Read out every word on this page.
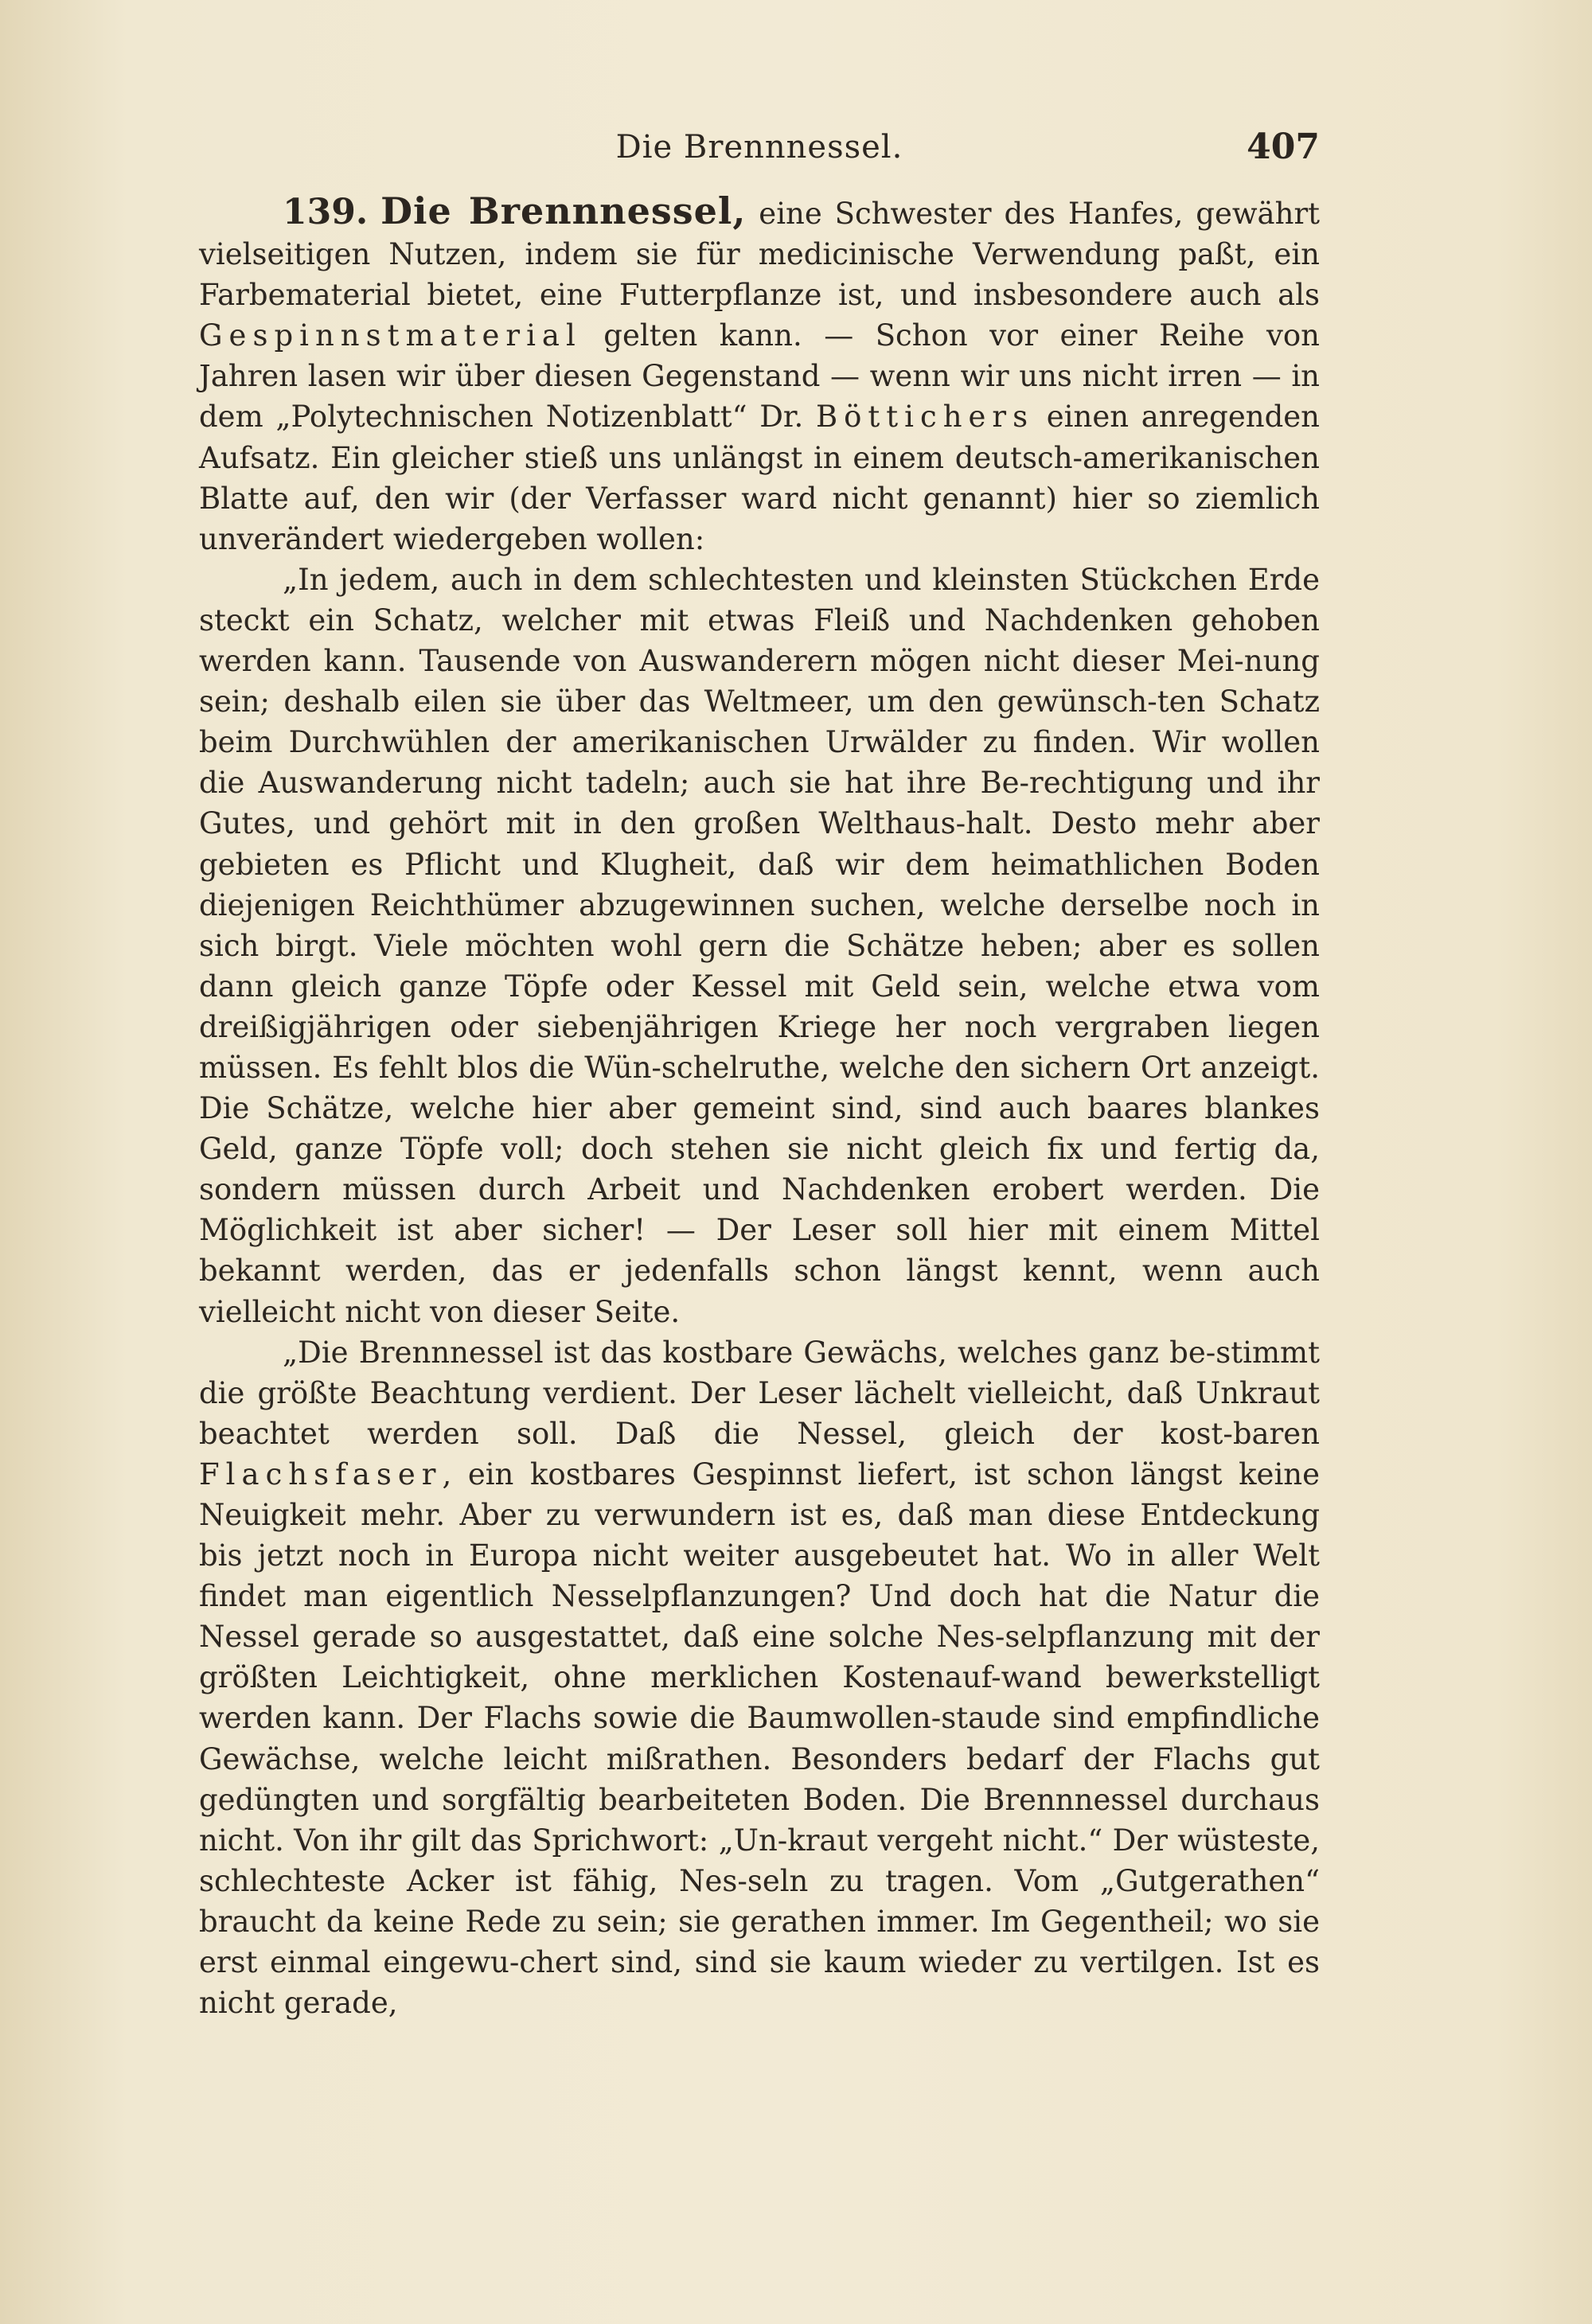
Die Brennnessel.	407

139. Die Brennnessel, eine Schwester des Hanfes, gewährt vielseitigen Nutzen, indem sie für medicinische Verwendung paßt, ein Farbematerial bietet, eine Futterpflanze ist, und insbesondere auch als Gespinnstmaterial gelten kann. — Schon vor einer Reihe von Jahren lasen wir über diesen Gegenstand — wenn wir uns nicht irren — in dem „Polytechnischen Notizenblatt“ Dr. Böttichers einen anregenden Aufsatz. Ein gleicher stieß uns unlängst in einem deutsch-amerikanischen Blatte auf, den wir (der Verfasser ward nicht genannt) hier so ziemlich unverändert wiedergeben wollen:

„In jedem, auch in dem schlechtesten und kleinsten Stückchen Erde steckt ein Schatz, welcher mit etwas Fleiß und Nachdenken gehoben werden kann. Tausende von Auswanderern mögen nicht dieser Mei-nung sein; deshalb eilen sie über das Weltmeer, um den gewünsch-ten Schatz beim Durchwühlen der amerikanischen Urwälder zu finden. Wir wollen die Auswanderung nicht tadeln; auch sie hat ihre Be-rechtigung und ihr Gutes, und gehört mit in den großen Welthaus-halt. Desto mehr aber gebieten es Pflicht und Klugheit, daß wir dem heimathlichen Boden diejenigen Reichthümer abzugewinnen suchen, welche derselbe noch in sich birgt. Viele möchten wohl gern die Schätze heben; aber es sollen dann gleich ganze Töpfe oder Kessel mit Geld sein, welche etwa vom dreißigjährigen oder siebenjährigen Kriege her noch vergraben liegen müssen. Es fehlt blos die Wün-schelruthe, welche den sichern Ort anzeigt. Die Schätze, welche hier aber gemeint sind, sind auch baares blankes Geld, ganze Töpfe voll; doch stehen sie nicht gleich fix und fertig da, sondern müssen durch Arbeit und Nachdenken erobert werden. Die Möglichkeit ist aber sicher! — Der Leser soll hier mit einem Mittel bekannt werden, das er jedenfalls schon längst kennt, wenn auch vielleicht nicht von dieser Seite.

„Die Brennnessel ist das kostbare Gewächs, welches ganz be-stimmt die größte Beachtung verdient. Der Leser lächelt vielleicht, daß Unkraut beachtet werden soll. Daß die Nessel, gleich der kost-baren Flachsfaser, ein kostbares Gespinnst liefert, ist schon längst keine Neuigkeit mehr. Aber zu verwundern ist es, daß man diese Entdeckung bis jetzt noch in Europa nicht weiter ausgebeutet hat. Wo in aller Welt findet man eigentlich Nesselpflanzungen? Und doch hat die Natur die Nessel gerade so ausgestattet, daß eine solche Nes-selpflanzung mit der größten Leichtigkeit, ohne merklichen Kostenauf-wand bewerkstelligt werden kann. Der Flachs sowie die Baumwollen-staude sind empfindliche Gewächse, welche leicht mißrathen. Besonders bedarf der Flachs gut gedüngten und sorgfältig bearbeiteten Boden. Die Brennnessel durchaus nicht. Von ihr gilt das Sprichwort: „Un-kraut vergeht nicht.“ Der wüsteste, schlechteste Acker ist fähig, Nes-seln zu tragen. Vom „Gutgerathen“ braucht da keine Rede zu sein; sie gerathen immer. Im Gegentheil; wo sie erst einmal eingewu-chert sind, sind sie kaum wieder zu vertilgen. Ist es nicht gerade,
